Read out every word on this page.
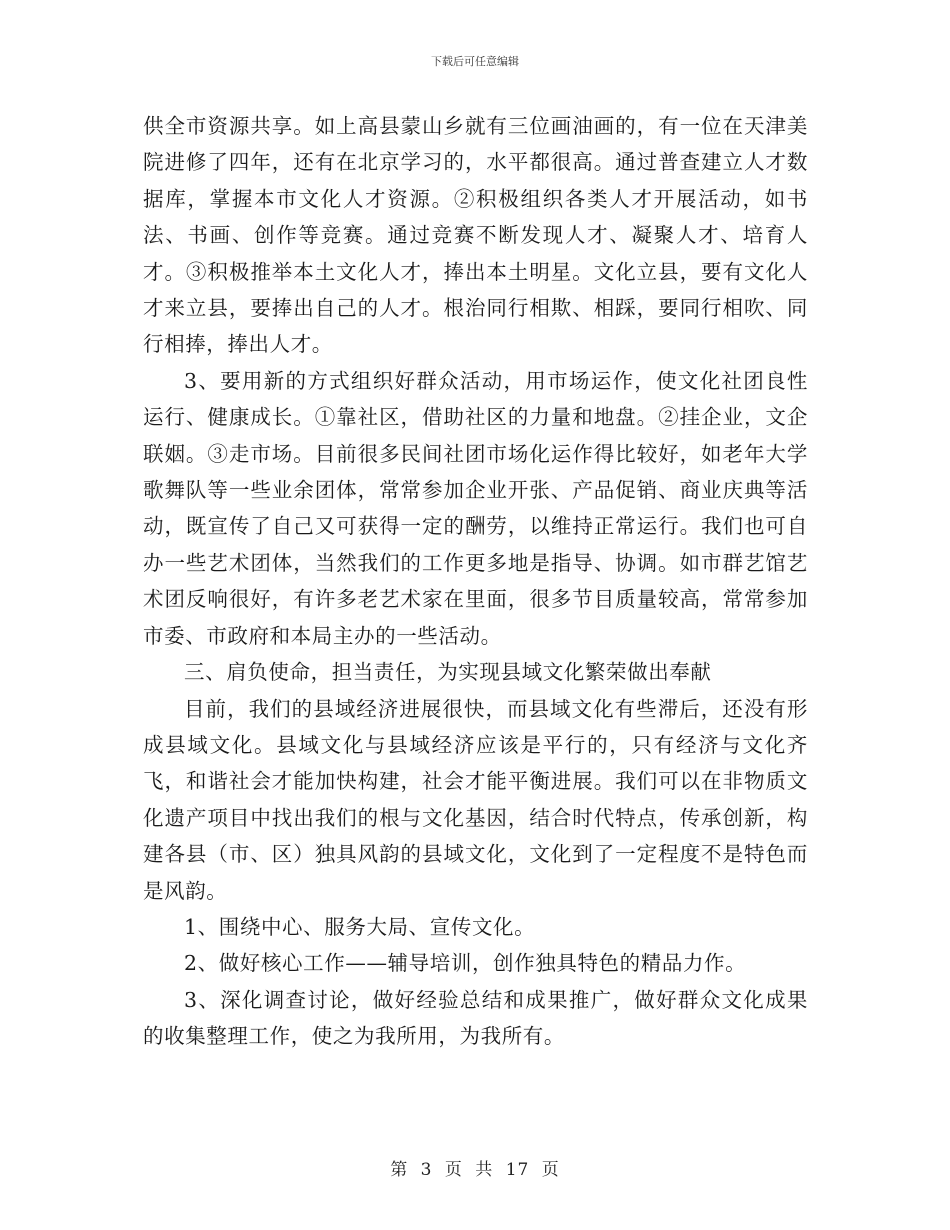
下载后可任意编辑

供全市资源共享。如上高县蒙山乡就有三位画油画的，有一位在天津美院进修了四年，还有在北京学习的，水平都很高。通过普查建立人才数据库，掌握本市文化人才资源。②积极组织各类人才开展活动，如书法、书画、创作等竞赛。通过竞赛不断发现人才、凝聚人才、培育人才。③积极推举本土文化人才，捧出本土明星。文化立县，要有文化人才来立县，要捧出自己的人才。根治同行相欺、相踩，要同行相吹、同行相捧，捧出人才。

3、要用新的方式组织好群众活动，用市场运作，使文化社团良性运行、健康成长。①靠社区，借助社区的力量和地盘。②挂企业，文企联姻。③走市场。目前很多民间社团市场化运作得比较好，如老年大学歌舞队等一些业余团体，常常参加企业开张、产品促销、商业庆典等活动，既宣传了自己又可获得一定的酬劳，以维持正常运行。我们也可自办一些艺术团体，当然我们的工作更多地是指导、协调。如市群艺馆艺术团反响很好，有许多老艺术家在里面，很多节目质量较高，常常参加市委、市政府和本局主办的一些活动。

三、肩负使命，担当责任，为实现县域文化繁荣做出奉献

目前，我们的县域经济进展很快，而县域文化有些滞后，还没有形成县域文化。县域文化与县域经济应该是平行的，只有经济与文化齐飞，和谐社会才能加快构建，社会才能平衡进展。我们可以在非物质文化遗产项目中找出我们的根与文化基因，结合时代特点，传承创新，构建各县（市、区）独具风韵的县域文化，文化到了一定程度不是特色而是风韵。

1、围绕中心、服务大局、宣传文化。

2、做好核心工作——辅导培训，创作独具特色的精品力作。

3、深化调查讨论，做好经验总结和成果推广，做好群众文化成果的收集整理工作，使之为我所用，为我所有。

第 3 页 共 17 页
